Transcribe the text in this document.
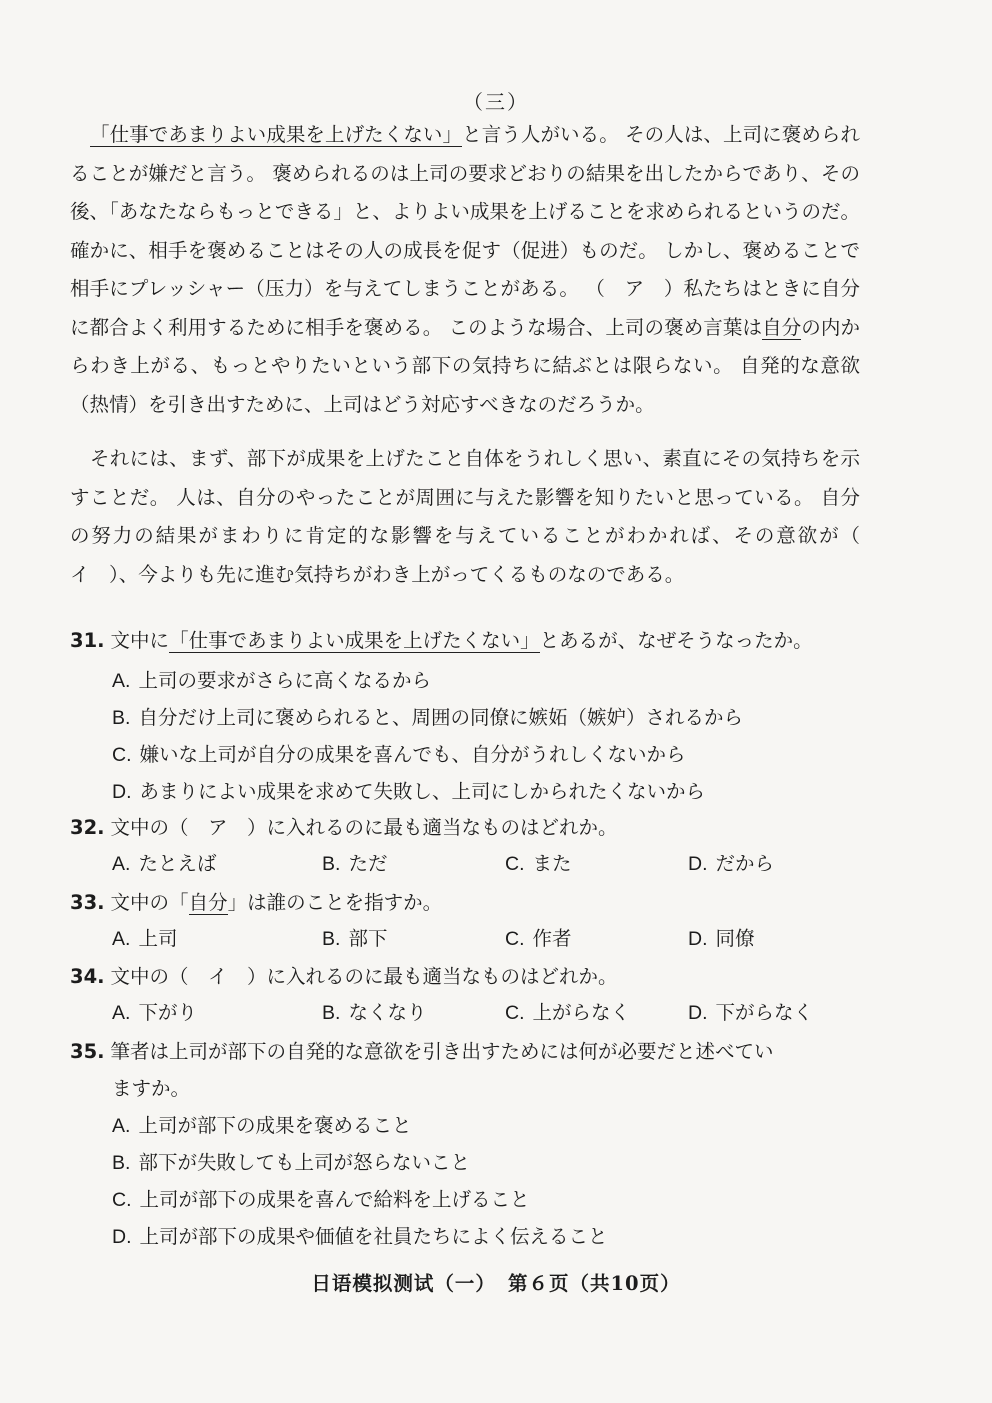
（三）

「仕事であまりよい成果を上げたくない」と言う人がいる。 その人は、上司に褒められることが嫌だと言う。 褒められるのは上司の要求どおりの結果を出したからであり、その後、「あなたならもっとできる」と、よりよい成果を上げることを求められるというのだ。 確かに、相手を褒めることはその人の成長を促す（促进）ものだ。 しかし、褒めることで相手にプレッシャー（压力）を与えてしまうことがある。 （　ア　）私たちはときに自分に都合よく利用するために相手を褒める。 このような場合、上司の褒め言葉は自分の内からわき上がる、もっとやりたいという部下の気持ちに結ぶとは限らない。 自発的な意欲（热情）を引き出すために、上司はどう対応すべきなのだろうか。

それには、まず、部下が成果を上げたこと自体をうれしく思い、素直にその気持ちを示すことだ。 人は、自分のやったことが周囲に与えた影響を知りたいと思っている。 自分の努力の結果がまわりに肯定的な影響を与えていることがわかれば、その意欲が（　イ　）、今よりも先に進む気持ちがわき上がってくるものなのである。

31. 文中に「仕事であまりよい成果を上げたくない」とあるが、なぜそうなったか。
A. 上司の要求がさらに高くなるから
B. 自分だけ上司に褒められると、周囲の同僚に嫉妬（嫉妒）されるから
C. 嫌いな上司が自分の成果を喜んでも、自分がうれしくないから
D. あまりによい成果を求めて失敗し、上司にしかられたくないから
32. 文中の（　ア　）に入れるのに最も適当なものはどれか。
A. たとえば	B. ただ	C. また	D. だから
33. 文中の「自分」は誰のことを指すか。
A. 上司	B. 部下	C. 作者	D. 同僚
34. 文中の（　イ　）に入れるのに最も適当なものはどれか。
A. 下がり	B. なくなり	C. 上がらなく	D. 下がらなく
35. 筆者は上司が部下の自発的な意欲を引き出すためには何が必要だと述べてい
ますか。
A. 上司が部下の成果を褒めること
B. 部下が失敗しても上司が怒らないこと
C. 上司が部下の成果を喜んで給料を上げること
D. 上司が部下の成果や価値を社員たちによく伝えること
日语模拟测试（一） 第６页（共10页）
